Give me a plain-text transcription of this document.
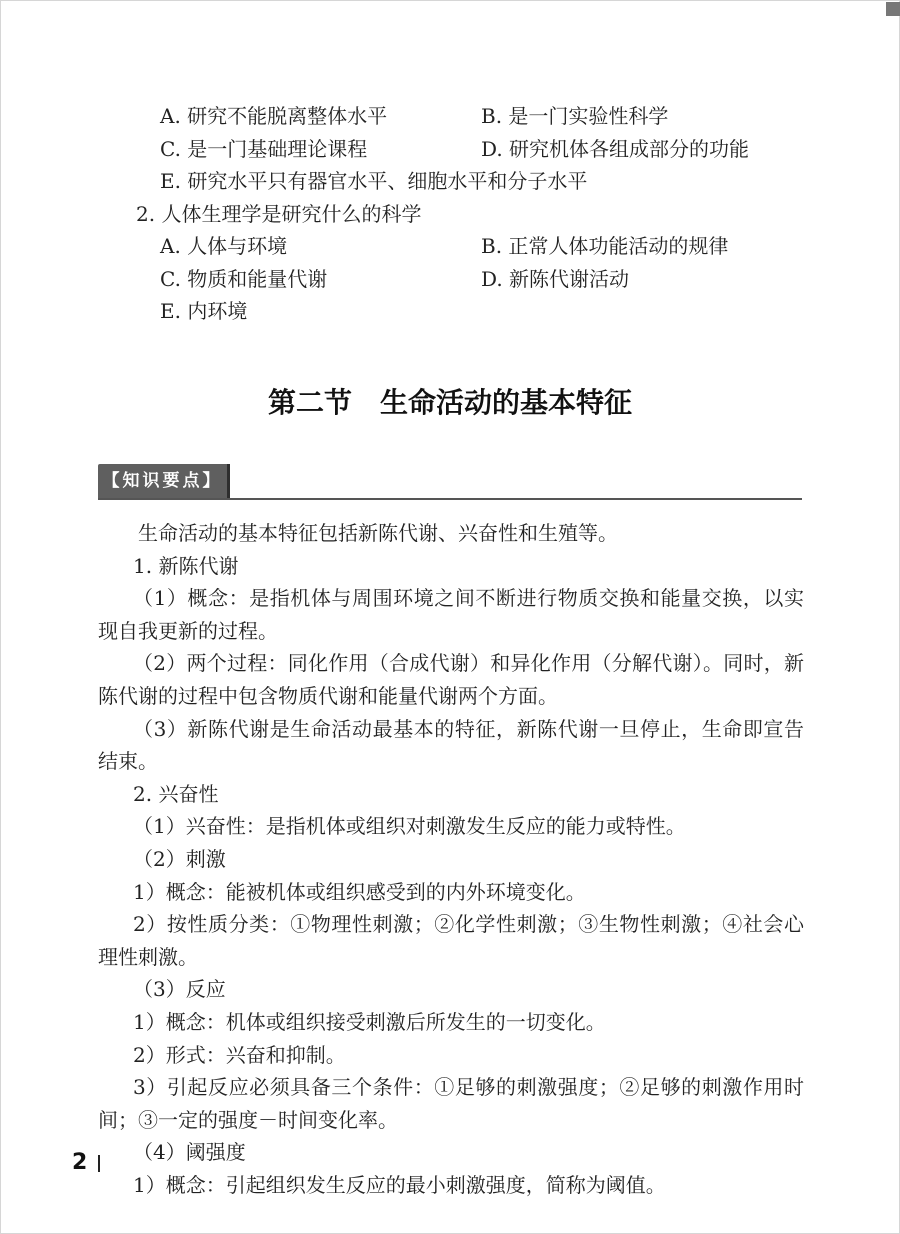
A. 研究不能脱离整体水平	B. 是一门实验性科学
C. 是一门基础理论课程	D. 研究机体各组成部分的功能
E. 研究水平只有器官水平、细胞水平和分子水平
2. 人体生理学是研究什么的科学
A. 人体与环境	B. 正常人体功能活动的规律
C. 物质和能量代谢	D. 新陈代谢活动
E. 内环境
第二节　生命活动的基本特征
【知识要点】

生命活动的基本特征包括新陈代谢、兴奋性和生殖等。

1. 新陈代谢

（1）概念：是指机体与周围环境之间不断进行物质交换和能量交换，以实现自我更新的过程。

（2）两个过程：同化作用（合成代谢）和异化作用（分解代谢）。同时，新陈代谢的过程中包含物质代谢和能量代谢两个方面。

（3）新陈代谢是生命活动最基本的特征，新陈代谢一旦停止，生命即宣告结束。

2. 兴奋性

（1）兴奋性：是指机体或组织对刺激发生反应的能力或特性。

（2）刺激

1）概念：能被机体或组织感受到的内外环境变化。

2）按性质分类：①物理性刺激；②化学性刺激；③生物性刺激；④社会心理性刺激。

（3）反应

1）概念：机体或组织接受刺激后所发生的一切变化。

2）形式：兴奋和抑制。

3）引起反应必须具备三个条件：①足够的刺激强度；②足够的刺激作用时间；③一定的强度－时间变化率。

（4）阈强度

1）概念：引起组织发生反应的最小刺激强度，简称为阈值。

2
